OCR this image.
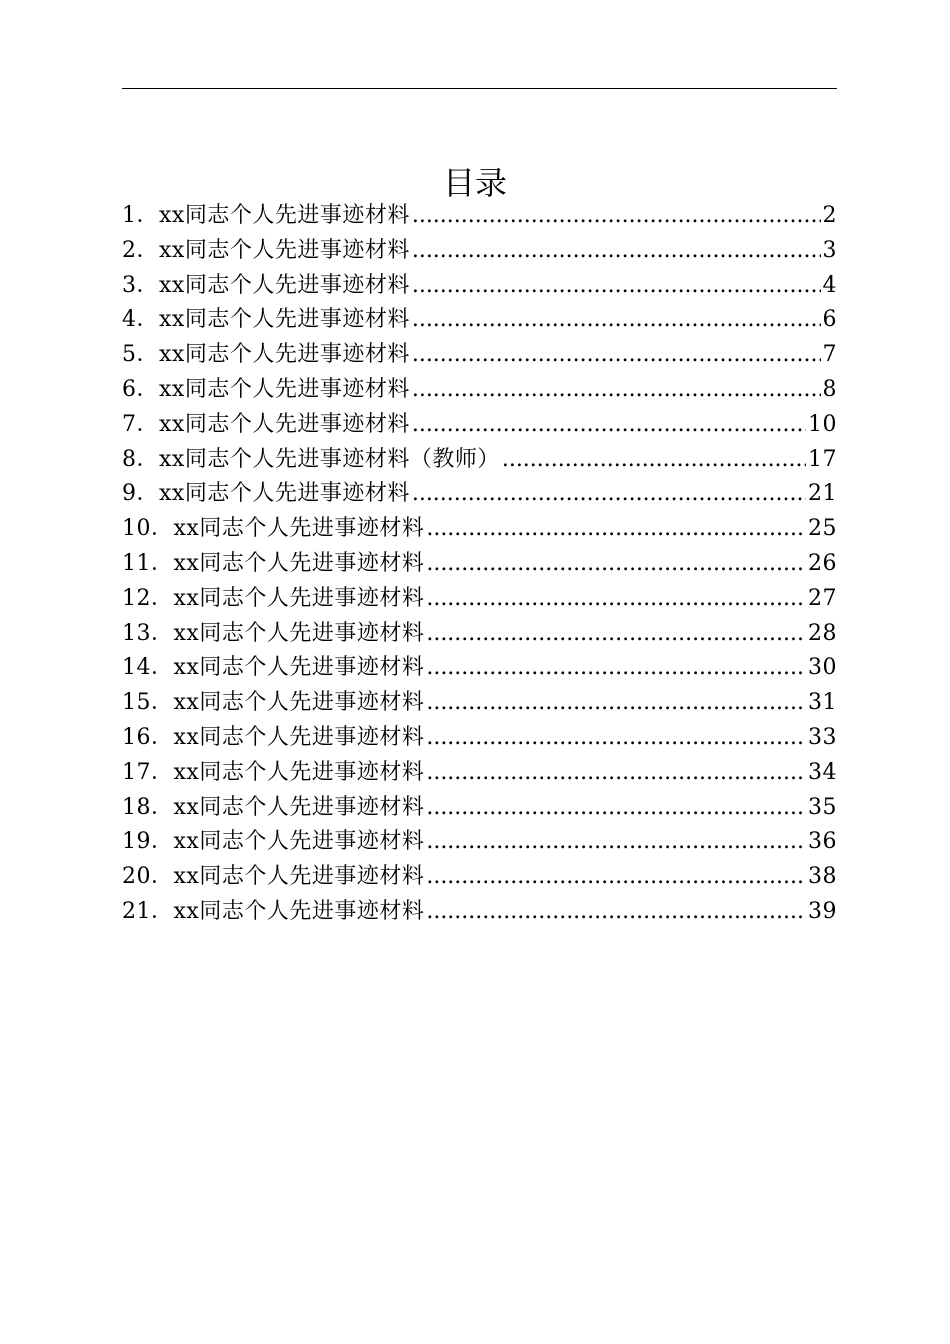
目录
1． xx同志个人先进事迹材料 .....	2
2． xx同志个人先进事迹材料 .....	3
3． xx同志个人先进事迹材料 .....	4
4． xx同志个人先进事迹材料 .....	6
5． xx同志个人先进事迹材料 .....	7
6． xx同志个人先进事迹材料 .....	8
7． xx同志个人先进事迹材料 .....	10
8． xx同志个人先进事迹材料（教师） .....	17
9． xx同志个人先进事迹材料 .....	21
10． xx同志个人先进事迹材料 .....	25
11． xx同志个人先进事迹材料 .....	26
12． xx同志个人先进事迹材料 .....	27
13． xx同志个人先进事迹材料 .....	28
14． xx同志个人先进事迹材料 .....	30
15． xx同志个人先进事迹材料 .....	31
16． xx同志个人先进事迹材料 .....	33
17． xx同志个人先进事迹材料 .....	34
18． xx同志个人先进事迹材料 .....	35
19． xx同志个人先进事迹材料 .....	36
20． xx同志个人先进事迹材料 .....	38
21． xx同志个人先进事迹材料 .....	39
